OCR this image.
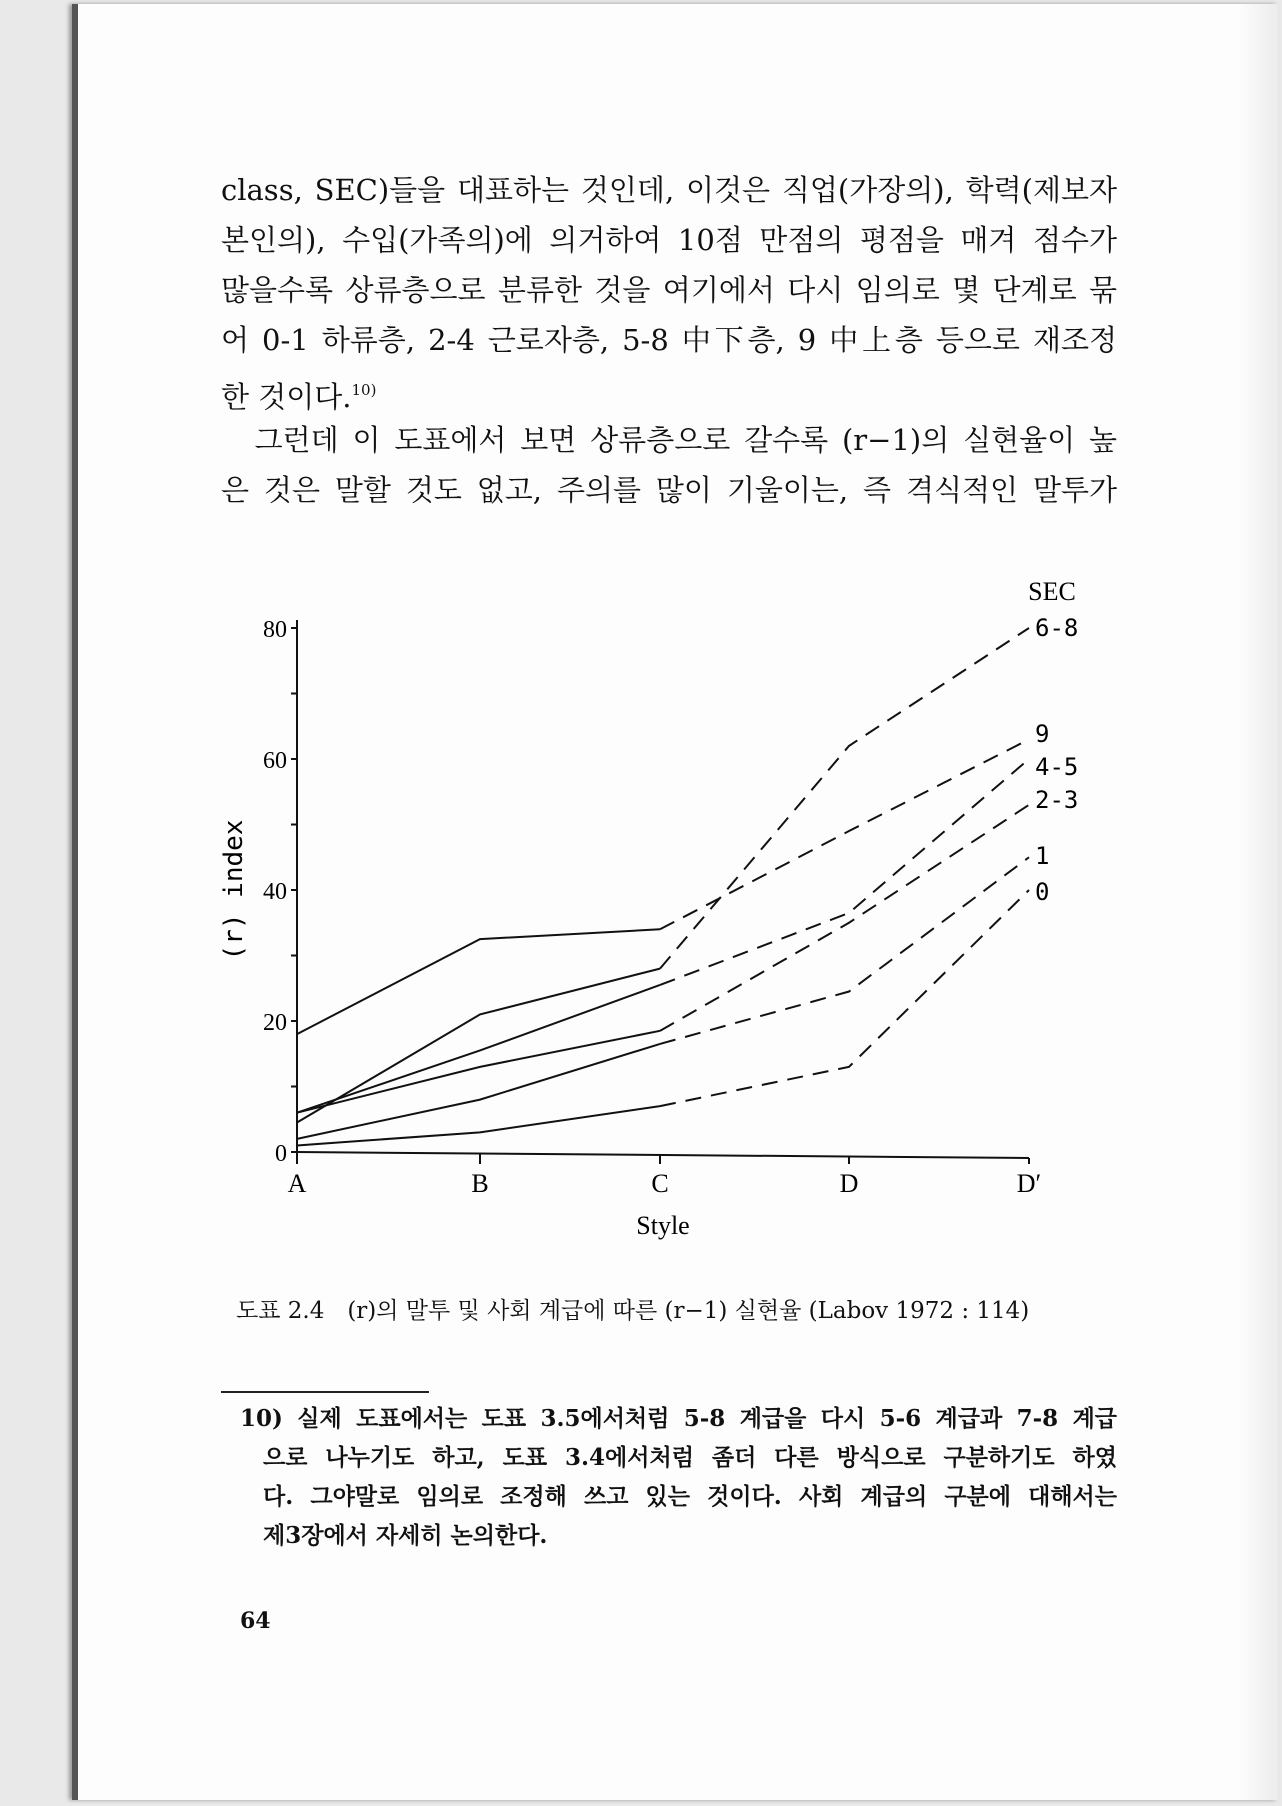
class, SEC)들을 대표하는 것인데, 이것은 직업(가장의), 학력(제보자
본인의), 수입(가족의)에 의거하여 10점 만점의 평점을 매겨 점수가
많을수록 상류층으로 분류한 것을 여기에서 다시 임의로 몇 단계로 묶
어 0-1 하류층, 2-4 근로자층, 5-8 中下층, 9 中上층 등으로 재조정
한 것이다.$^{10)}$
　그런데 이 도표에서 보면 상류층으로 갈수록 (r−1)의 실현율이 높
은 것은 말할 것도 없고, 주의를 많이 기울이는, 즉 격식적인 말투가
0
20
40
60
80
A	B	C	D	D′
Style
(r) index
SEC
6-8
9
4-5
2-3
1
0
도표 2.4　(r)의 말투 및 사회 계급에 따른 (r−1) 실현율 (Labov 1972 : 114)
10) 실제 도표에서는 도표 3.5에서처럼 5-8 계급을 다시 5-6 계급과 7-8 계급
으로 나누기도 하고, 도표 3.4에서처럼 좀더 다른 방식으로 구분하기도 하였
다. 그야말로 임의로 조정해 쓰고 있는 것이다. 사회 계급의 구분에 대해서는
제3장에서 자세히 논의한다.
64
